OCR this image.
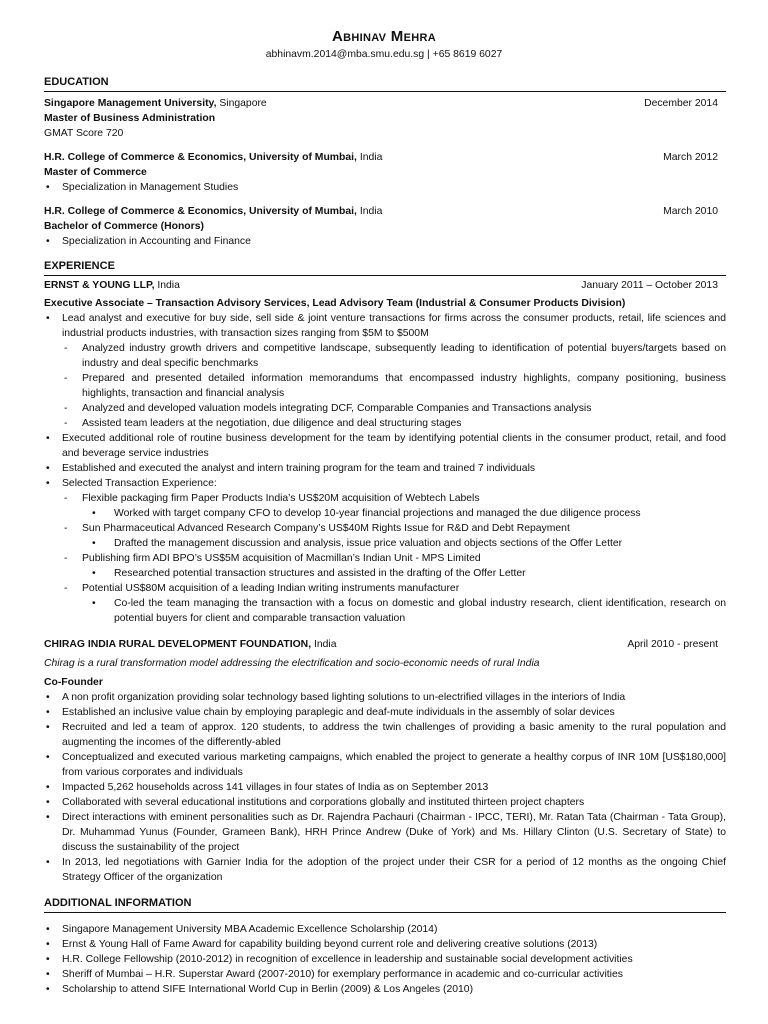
Abhinav Mehra
abhinavm.2014@mba.smu.edu.sg | +65 8619 6027
EDUCATION
Singapore Management University, Singapore	December 2014
Master of Business Administration
GMAT Score 720
H.R. College of Commerce & Economics, University of Mumbai, India	March 2012
Master of Commerce
• Specialization in Management Studies
H.R. College of Commerce & Economics, University of Mumbai, India	March 2010
Bachelor of Commerce (Honors)
• Specialization in Accounting and Finance
EXPERIENCE
ERNST & YOUNG LLP, India	January 2011 – October 2013
Executive Associate – Transaction Advisory Services, Lead Advisory Team (Industrial & Consumer Products Division)
• Lead analyst and executive for buy side, sell side & joint venture transactions for firms across the consumer products, retail, life sciences and industrial products industries, with transaction sizes ranging from $5M to $500M
- Analyzed industry growth drivers and competitive landscape, subsequently leading to identification of potential buyers/targets based on industry and deal specific benchmarks
- Prepared and presented detailed information memorandums that encompassed industry highlights, company positioning, business highlights, transaction and financial analysis
- Analyzed and developed valuation models integrating DCF, Comparable Companies and Transactions analysis
- Assisted team leaders at the negotiation, due diligence and deal structuring stages
• Executed additional role of routine business development for the team by identifying potential clients in the consumer product, retail, and food and beverage service industries
• Established and executed the analyst and intern training program for the team and trained 7 individuals
• Selected Transaction Experience:
- Flexible packaging firm Paper Products India’s US$20M acquisition of Webtech Labels
• Worked with target company CFO to develop 10-year financial projections and managed the due diligence process
- Sun Pharmaceutical Advanced Research Company’s US$40M Rights Issue for R&D and Debt Repayment
• Drafted the management discussion and analysis, issue price valuation and objects sections of the Offer Letter
- Publishing firm ADI BPO’s US$5M acquisition of Macmillan’s Indian Unit - MPS Limited
• Researched potential transaction structures and assisted in the drafting of the Offer Letter
- Potential US$80M acquisition of a leading Indian writing instruments manufacturer
• Co-led the team managing the transaction with a focus on domestic and global industry research, client identification, research on potential buyers for client and comparable transaction valuation
CHIRAG INDIA RURAL DEVELOPMENT FOUNDATION, India	April 2010 - present
Chirag is a rural transformation model addressing the electrification and socio-economic needs of rural India
Co-Founder
• A non profit organization providing solar technology based lighting solutions to un-electrified villages in the interiors of India
• Established an inclusive value chain by employing paraplegic and deaf-mute individuals in the assembly of solar devices
• Recruited and led a team of approx. 120 students, to address the twin challenges of providing a basic amenity to the rural population and augmenting the incomes of the differently-abled
• Conceptualized and executed various marketing campaigns, which enabled the project to generate a healthy corpus of INR 10M [US$180,000] from various corporates and individuals
• Impacted 5,262 households across 141 villages in four states of India as on September 2013
• Collaborated with several educational institutions and corporations globally and instituted thirteen project chapters
• Direct interactions with eminent personalities such as Dr. Rajendra Pachauri (Chairman - IPCC, TERI), Mr. Ratan Tata (Chairman - Tata Group), Dr. Muhammad Yunus (Founder, Grameen Bank), HRH Prince Andrew (Duke of York) and Ms. Hillary Clinton (U.S. Secretary of State) to discuss the sustainability of the project
• In 2013, led negotiations with Garnier India for the adoption of the project under their CSR for a period of 12 months as the ongoing Chief Strategy Officer of the organization
ADDITIONAL INFORMATION
• Singapore Management University MBA Academic Excellence Scholarship (2014)
• Ernst & Young Hall of Fame Award for capability building beyond current role and delivering creative solutions (2013)
• H.R. College Fellowship (2010-2012) in recognition of excellence in leadership and sustainable social development activities
• Sheriff of Mumbai – H.R. Superstar Award (2007-2010) for exemplary performance in academic and co-curricular activities
• Scholarship to attend SIFE International World Cup in Berlin (2009) & Los Angeles (2010)
